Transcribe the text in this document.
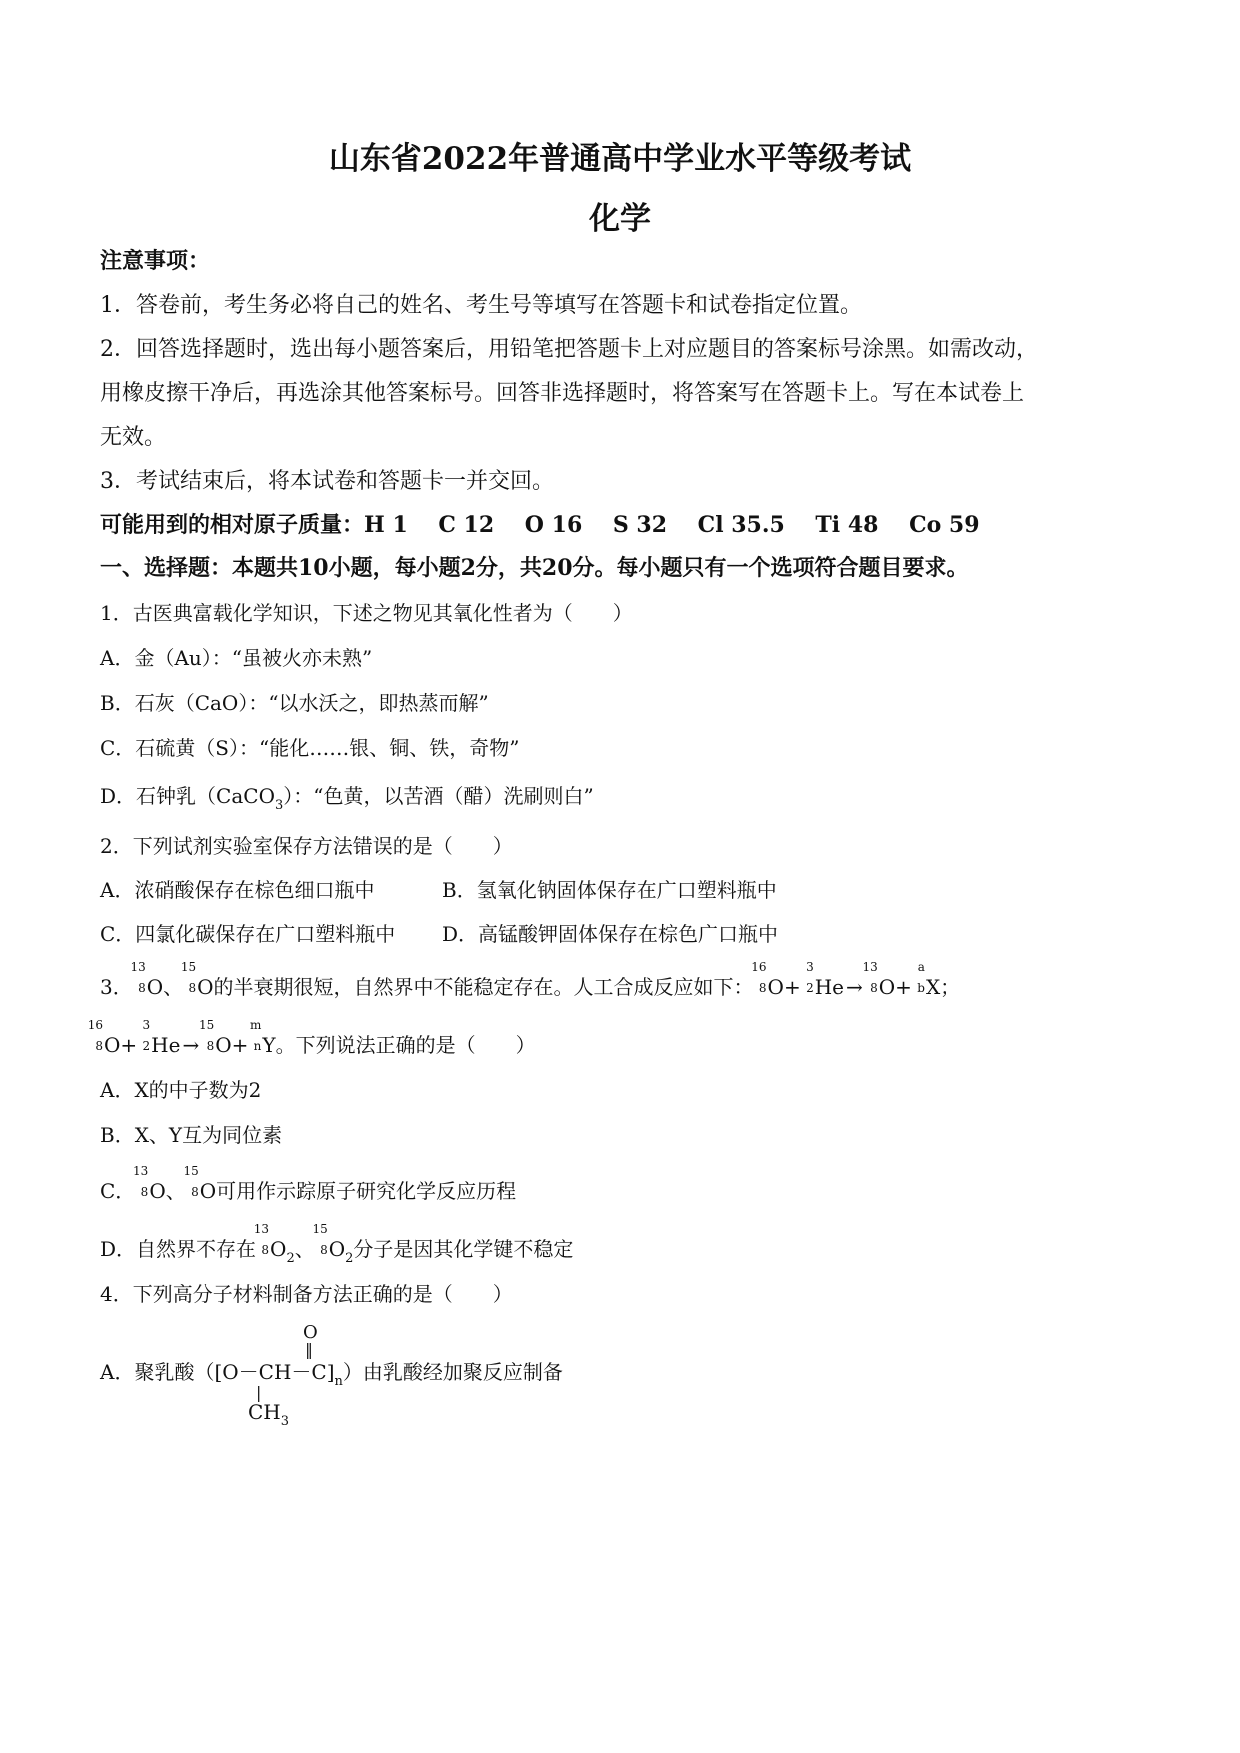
山东省2022年普通高中学业水平等级考试
化学
注意事项：
1．答卷前，考生务必将自己的姓名、考生号等填写在答题卡和试卷指定位置。
2．回答选择题时，选出每小题答案后，用铅笔把答题卡上对应题目的答案标号涂黑。如需改动，
用橡皮擦干净后，再选涂其他答案标号。回答非选择题时，将答案写在答题卡上。写在本试卷上
无效。
3．考试结束后，将本试卷和答题卡一并交回。
可能用到的相对原子质量：H 1    C 12    O 16    S 32    Cl 35.5    Ti 48    Co 59
一、选择题：本题共10小题，每小题2分，共20分。每小题只有一个选项符合题目要求。
1．古医典富载化学知识，下述之物见其氧化性者为（　　）
A．金（Au）：“虽被火亦未熟”
B．石灰（CaO）：“以水沃之，即热蒸而解”
C．石硫黄（S）：“能化……银、铜、铁，奇物”
D．石钟乳（CaCO$_3$）：“色黄，以苦酒（醋）洗刷则白”
2．下列试剂实验室保存方法错误的是（　　）
A．浓硝酸保存在棕色细口瓶中	B．氢氧化钠固体保存在广口塑料瓶中
C．四氯化碳保存在广口塑料瓶中 D．高锰酸钾固体保存在棕色广口瓶中
3．
13
8 O、
15
8 O的半衰期很短，自然界中不能稳定存在。人工合成反应如下：
16
8 O+
3
2 He →
13
8 O+
a
b X；
16
8 O+
3
2 He →
15
8 O+
m
n Y。下列说法正确的是（　　）
A．X的中子数为2
B．X、Y互为同位素
C．
13
8 O、
15
8 O可用作示踪原子研究化学反应历程
D．自然界不存在
13
8 $O_2$、
15
8 $O_2$分子是因其化学键不稳定
4．下列高分子材料制备方法正确的是（　　）
A．聚乳酸$([O-CH-C]_n)$由乳酸经加聚反应制备
O
‖
|
$CH_3$
